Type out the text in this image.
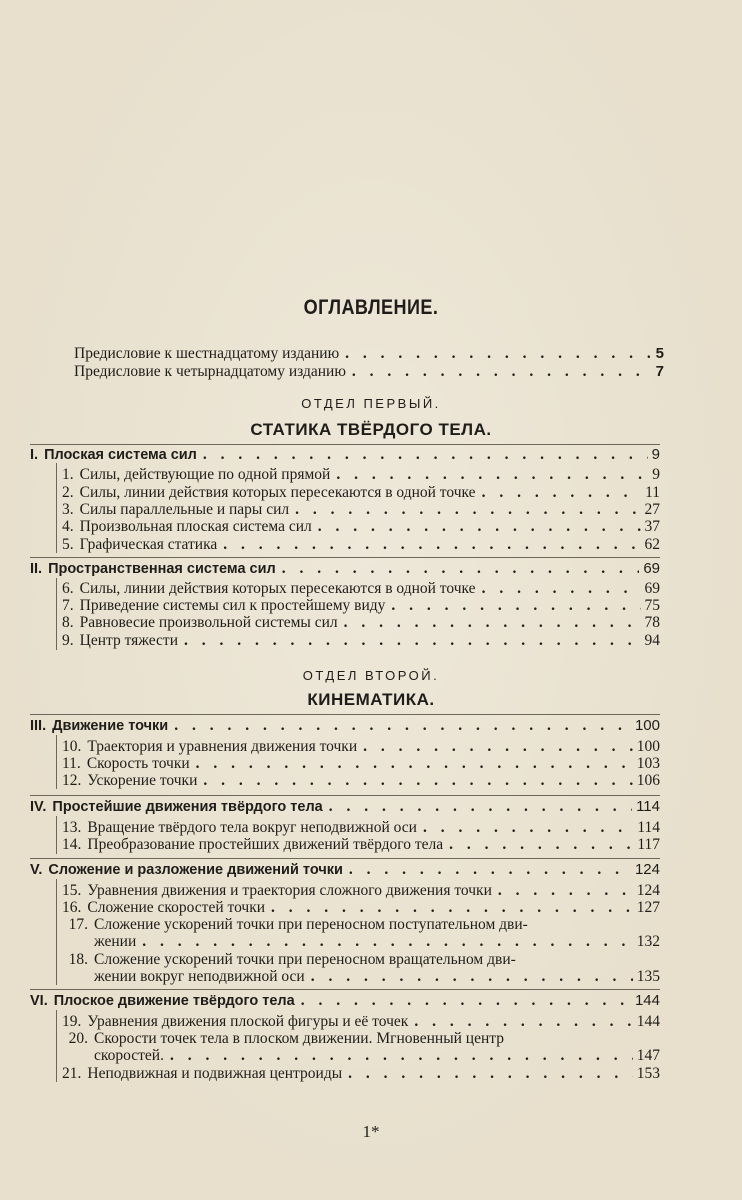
ОГЛАВЛЕНИЕ.
Предисловие к шестнадцатому изданию . . .	5
Предисловие к четырнадцатому изданию . . .	7
ОТДЕЛ ПЕРВЫЙ.
СТАТИКА ТВЁРДОГО ТЕЛА.
I. Плоская система сил . . .	9
1. Силы, действующие по одной прямой . . .	9
2. Силы, линии действия которых пересекаются в одной точке . . .	11
3. Силы параллельные и пары сил . . .	27
4. Произвольная плоская система сил . . .	37
5. Графическая статика . . .	62
II. Пространственная система сил . . .	69
6. Силы, линии действия которых пересекаются в одной точке . . .	69
7. Приведение системы сил к простейшему виду . . .	75
8. Равновесие произвольной системы сил . . .	78
9. Центр тяжести . . .	94
ОТДЕЛ ВТОРОЙ.
КИНЕМАТИКА.
III. Движение точки . . .	100
10. Траектория и уравнения движения точки . . .	100
11. Скорость точки . . .	103
12. Ускорение точки . . .	106
IV. Простейшие движения твёрдого тела . . .	114
13. Вращение твёрдого тела вокруг неподвижной оси . . .	114
14. Преобразование простейших движений твёрдого тела . . .	117
V. Сложение и разложение движений точки . . .	124
15. Уравнения движения и траектория сложного движения точки . . .	124
16. Сложение скоростей точки . . .	127
17. Сложение ускорений точки при переносном поступательном дви-
жении . . .	132
18. Сложение ускорений точки при переносном вращательном дви-
жении вокруг неподвижной оси . . .	135
VI. Плоское движение твёрдого тела . . .	144
19. Уравнения движения плоской фигуры и её точек . . .	144
20. Скорости точек тела в плоском движении. Мгновенный центр
скоростей. . . .	147
21. Неподвижная и подвижная центроиды . . .	153
1*
